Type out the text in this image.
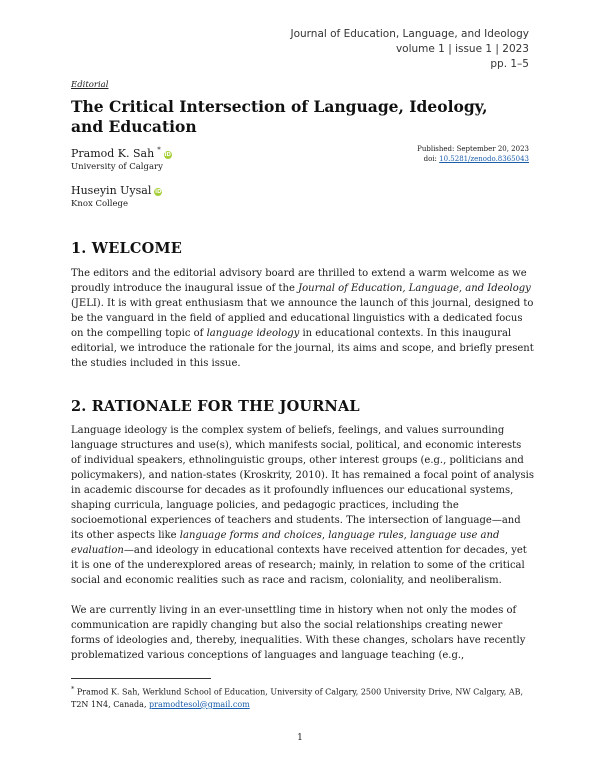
Journal of Education, Language, and Ideology
volume 1 | issue 1 | 2023
pp. 1–5
Editorial
The Critical Intersection of Language, Ideology, and Education
Pramod K. Sah *iD
University of Calgary
Huseyin Uysal iD
Knox College
Published: September 20, 2023
doi: 10.5281/zenodo.8365043
1. WELCOME

The editors and the editorial advisory board are thrilled to extend a warm welcome as we proudly introduce the inaugural issue of the Journal of Education, Language, and Ideology (JELI). It is with great enthusiasm that we announce the launch of this journal, designed to be the vanguard in the field of applied and educational linguistics with a dedicated focus on the compelling topic of language ideology in educational contexts. In this inaugural editorial, we introduce the rationale for the journal, its aims and scope, and briefly present the studies included in this issue.

2. RATIONALE FOR THE JOURNAL

Language ideology is the complex system of beliefs, feelings, and values surrounding language structures and use(s), which manifests social, political, and economic interests of individual speakers, ethnolinguistic groups, other interest groups (e.g., politicians and policymakers), and nation-states (Kroskrity, 2010). It has remained a focal point of analysis in academic discourse for decades as it profoundly influences our educational systems, shaping curricula, language policies, and pedagogic practices, including the socioemotional experiences of teachers and students. The intersection of language—and its other aspects like language forms and choices, language rules, language use and evaluation—and ideology in educational contexts have received attention for decades, yet it is one of the underexplored areas of research; mainly, in relation to some of the critical social and economic realities such as race and racism, coloniality, and neoliberalism.

We are currently living in an ever-unsettling time in history when not only the modes of communication are rapidly changing but also the social relationships creating newer forms of ideologies and, thereby, inequalities. With these changes, scholars have recently problematized various conceptions of languages and language teaching (e.g.,

* Pramod K. Sah, Werklund School of Education, University of Calgary, 2500 University Drive, NW Calgary, AB, T2N 1N4, Canada, pramodtesol@gmail.com
1
